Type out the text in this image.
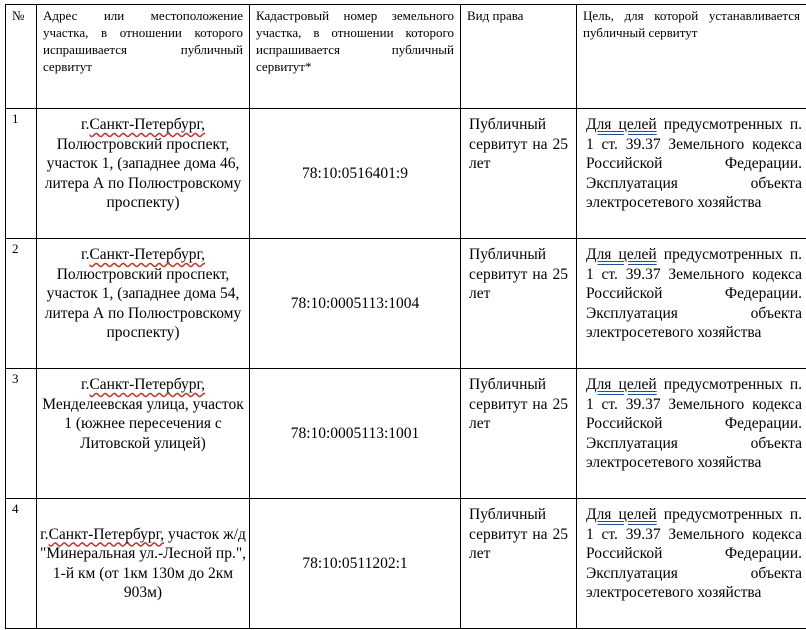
№	Адрес или местоположение участка, в отношении которого испрашивается публичный сервитут	Кадастровый номер земельного участка, в отношении которого испрашивается публичный сервитут*	Вид права	Цель, для которой устанавливается публичный сервитут

1	г.Санкт-Петербург, Полюстровский проспект, участок 1, (западнее дома 46, литера А по Полюстровскому проспекту)	78:10:0516401:9	Публичный сервитут на 25 лет	Для целей предусмотренных п. 1 ст. 39.37 Земельного кодекса Российской Федерации. Эксплуатация объекта электросетевого хозяйства

2	г.Санкт-Петербург, Полюстровский проспект, участок 1, (западнее дома 54, литера А по Полюстровскому проспекту)	78:10:0005113:1004	Публичный сервитут на 25 лет	Для целей предусмотренных п. 1 ст. 39.37 Земельного кодекса Российской Федерации. Эксплуатация объекта электросетевого хозяйства

3	г.Санкт-Петербург, Менделеевская улица, участок 1 (южнее пересечения с Литовской улицей)	78:10:0005113:1001	Публичный сервитут на 25 лет	Для целей предусмотренных п. 1 ст. 39.37 Земельного кодекса Российской Федерации. Эксплуатация объекта электросетевого хозяйства

4	г.Санкт-Петербург, участок ж/д "Минеральная ул.-Лесной пр.", 1-й км (от 1км 130м до 2км 903м)	78:10:0511202:1	Публичный сервитут на 25 лет	Для целей предусмотренных п. 1 ст. 39.37 Земельного кодекса Российской Федерации. Эксплуатация объекта электросетевого хозяйства
